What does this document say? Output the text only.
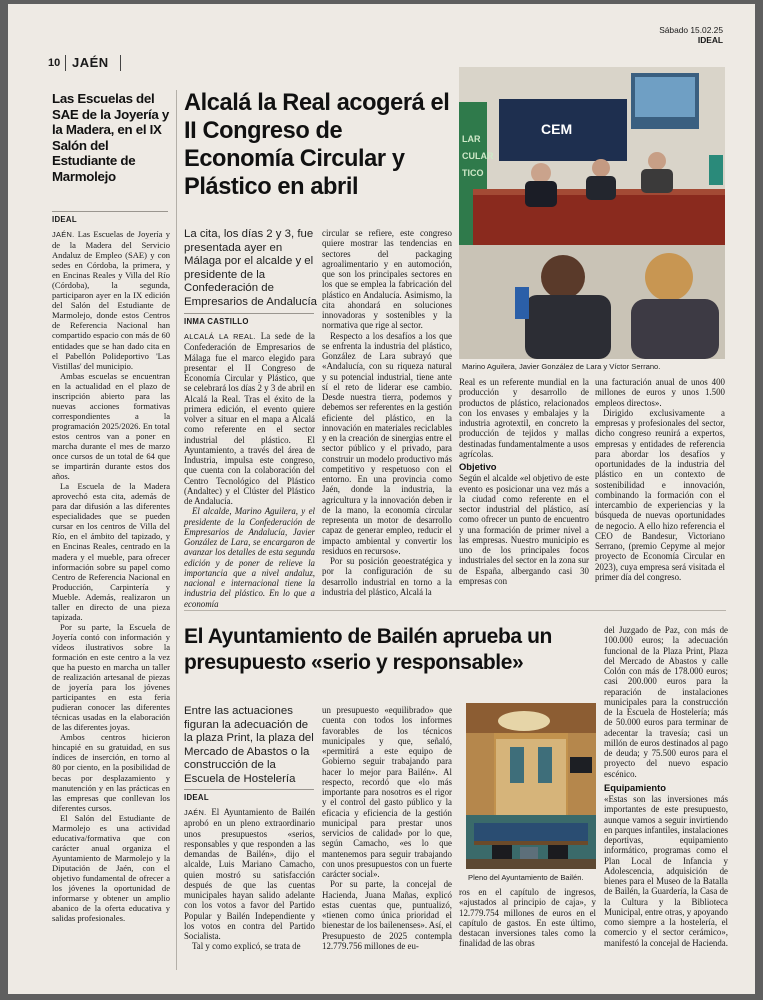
10 JAÉN
Sábado 15.02.25
IDEAL
Las Escuelas del SAE de la Joyería y la Madera, en el IX Salón del Estudiante de Marmolejo
IDEAL

JAÉN. Las Escuelas de Joyería y de la Madera del Servicio Andaluz de Empleo (SAE) y con sedes en Córdoba, la primera, y en Encinas Reales y Villa del Río (Córdoba), la segunda, participaron ayer en la IX edición del Salón del Estudiante de Marmolejo, donde estos Centros de Referencia Nacional han compartido espacio con más de 60 entidades que se han dado cita en el Pabellón Polideportivo 'Las Vistillas' del municipio.

Ambas escuelas se encuentran en la actualidad en el plazo de inscripción abierto para las nuevas acciones formativas correspondientes a la programación 2025/2026. En total estos centros van a poner en marcha durante el mes de marzo once cursos de un total de 64 que se impartirán durante estos dos años.

La Escuela de la Madera aprovechó esta cita, además de para dar difusión a las diferentes especialidades que se pueden cursar en los centros de Villa del Río, en el ámbito del tapizado, y en Encinas Reales, centrado en la madera y el mueble, para ofrecer información sobre su papel como Centro de Referencia Nacional en Producción, Carpintería y Mueble. Además, realizaron un taller en directo de una pieza tapizada.

Por su parte, la Escuela de Joyería contó con información y vídeos ilustrativos sobre la formación en este centro a la vez que ha puesto en marcha un taller de realización artesanal de piezas de joyería para los jóvenes participantes en esta feria pudieran conocer las diferentes técnicas usadas en la elaboración de las diferentes joyas.

Ambos centros hicieron hincapié en su gratuidad, en sus índices de inserción, en torno al 80 por ciento, en la posibilidad de becas por desplazamiento y manutención y en las prácticas en las empresas que conllevan los diferentes cursos.

El Salón del Estudiante de Marmolejo es una actividad educativa/formativa que con carácter anual organiza el Ayuntamiento de Marmolejo y la Diputación de Jaén, con el objetivo fundamental de ofrecer a los jóvenes la oportunidad de informarse y obtener un amplio abanico de la oferta educativa y salidas profesionales.

Alcalá la Real acogerá el II Congreso de Economía Circular y Plástico en abril
La cita, los días 2 y 3, fue presentada ayer en Málaga por el alcalde y el presidente de la Confederación de Empresarios de Andalucía
INMA CASTILLO

ALCALÁ LA REAL. La sede de la Confederación de Empresarios de Málaga fue el marco elegido para presentar el II Congreso de Economía Circular y Plástico, que se celebrará los días 2 y 3 de abril en Alcalá la Real. Tras el éxito de la primera edición, el evento quiere volver a situar en el mapa a Alcalá como referente en el sector industrial del plástico. El Ayuntamiento, a través del área de Industria, impulsa este congreso, que cuenta con la colaboración del Centro Tecnológico del Plástico (Andaltec) y el Clúster del Plástico de Andalucía.

El alcalde, Marino Aguilera, y el presidente de la Confederación de Empresarios de Andalucía, Javier González de Lara, se encargaron de avanzar los detalles de esta segunda edición y de poner de relieve la importancia que a nivel andaluz, nacional e internacional tiene la industria del plástico. En lo que a economía

circular se refiere, este congreso quiere mostrar las tendencias en sectores del packaging agroalimentario y en automoción, que son los principales sectores en los que se emplea la fabricación del plástico en Andalucía. Asimismo, la cita ahondará en soluciones innovadoras y sostenibles y la normativa que rige al sector.

Respecto a los desafíos a los que se enfrenta la industria del plástico, González de Lara subrayó que «Andalucía, con su riqueza natural y su potencial industrial, tiene ante sí el reto de liderar ese cambio. Desde nuestra tierra, podemos y debemos ser referentes en la gestión eficiente del plástico, en la innovación en materiales reciclables y en la creación de sinergias entre el sector público y el privado, para construir un modelo productivo más competitivo y respetuoso con el entorno. En una provincia como Jaén, donde la industria, la agricultura y la innovación deben ir de la mano, la economía circular representa un motor de desarrollo capaz de generar empleo, reducir el impacto ambiental y convertir los residuos en recursos».

Por su posición geoestratégica y por la configuración de su desarrollo industrial en torno a la industria del plástico, Alcalá la

LAR
CULAR
TICO
CEM
Marino Aguilera, Javier González de Lara y Víctor Serrano.

Real es un referente mundial en la producción y desarrollo de productos de plástico, relacionados con los envases y embalajes y la industria agrotextil, en concreto la producción de tejidos y mallas destinadas fundamentalmente a usos agrícolas.

Objetivo

Según el alcalde «el objetivo de este evento es posicionar una vez más a la ciudad como referente en el sector industrial del plástico, así como ofrecer un punto de encuentro y una formación de primer nivel a las empresas. Nuestro municipio es uno de los principales focos industriales del sector en la zona sur de España, albergando casi 30 empresas con

una facturación anual de unos 400 millones de euros y unos 1.500 empleos directos».

Dirigido exclusivamente a empresas y profesionales del sector, dicho congreso reunirá a expertos, empresas y entidades de referencia para abordar los desafíos y oportunidades de la industria del plástico en un contexto de sostenibilidad e innovación, combinando la formación con el intercambio de experiencias y la búsqueda de nuevas oportunidades de negocio. A ello hizo referencia el CEO de Bandesur, Victoriano Serrano, (premio Cepyme al mejor proyecto de Economía Circular en 2023), cuya empresa será visitada el primer día del congreso.

El Ayuntamiento de Bailén aprueba un presupuesto «serio y responsable»
Entre las actuaciones figuran la adecuación de la plaza Print, la plaza del Mercado de Abastos o la construcción de la Escuela de Hostelería
IDEAL

JAÉN. El Ayuntamiento de Bailén aprobó en un pleno extraordinario unos presupuestos «serios, responsables y que responden a las demandas de Bailén», dijo el alcalde, Luis Mariano Camacho, quien mostró su satisfacción después de que las cuentas municipales hayan salido adelante con los votos a favor del Partido Popular y Bailén Independiente y los votos en contra del Partido Socialista.

Tal y como explicó, se trata de

un presupuesto «equilibrado» que cuenta con todos los informes favorables de los técnicos municipales y que, señaló, «permitirá a este equipo de Gobierno seguir trabajando para hacer lo mejor para Bailén». Al respecto, recordó que «lo más importante para nosotros es el rigor y el control del gasto público y la eficacia y eficiencia de la gestión municipal para prestar unos servicios de calidad» por lo que, según Camacho, «es lo que mantenemos para seguir trabajando con unos presupuestos con un fuerte carácter social».

Por su parte, la concejal de Hacienda, Juana Mañas, explicó estas cuentas que, puntualizó, «tienen como única prioridad el bienestar de los bailenenses». Así, el Presupuesto de 2025 contempla 12.779.756 millones de eu-

Pleno del Ayuntamiento de Bailén.

ros en el capítulo de ingresos, «ajustados al principio de caja», y 12.779.754 millones de euros en el capítulo de gastos. En este último, destacan inversiones tales como la finalidad de las obras

del Juzgado de Paz, con más de 100.000 euros; la adecuación funcional de la Plaza Print, Plaza del Mercado de Abastos y calle Colón con más de 178.000 euros; casi 200.000 euros para la reparación de instalaciones municipales para la construcción de la Escuela de Hostelería; más de 50.000 euros para terminar de adecentar la travesía; casi un millón de euros destinados al pago de deuda; y 75.500 euros para el proyecto del nuevo espacio escénico.

Equipamiento

«Estas son las inversiones más importantes de este presupuesto, aunque vamos a seguir invirtiendo en parques infantiles, instalaciones deportivas, equipamiento informático, programas como el Plan Local de Infancia y Adolescencia, adquisición de bienes para el Museo de la Batalla de Bailén, la Guardería, la Casa de la Cultura y la Biblioteca Municipal, entre otras, y apoyando como siempre a la hostelería, el comercio y el sector cerámico», manifestó la concejal de Hacienda.
